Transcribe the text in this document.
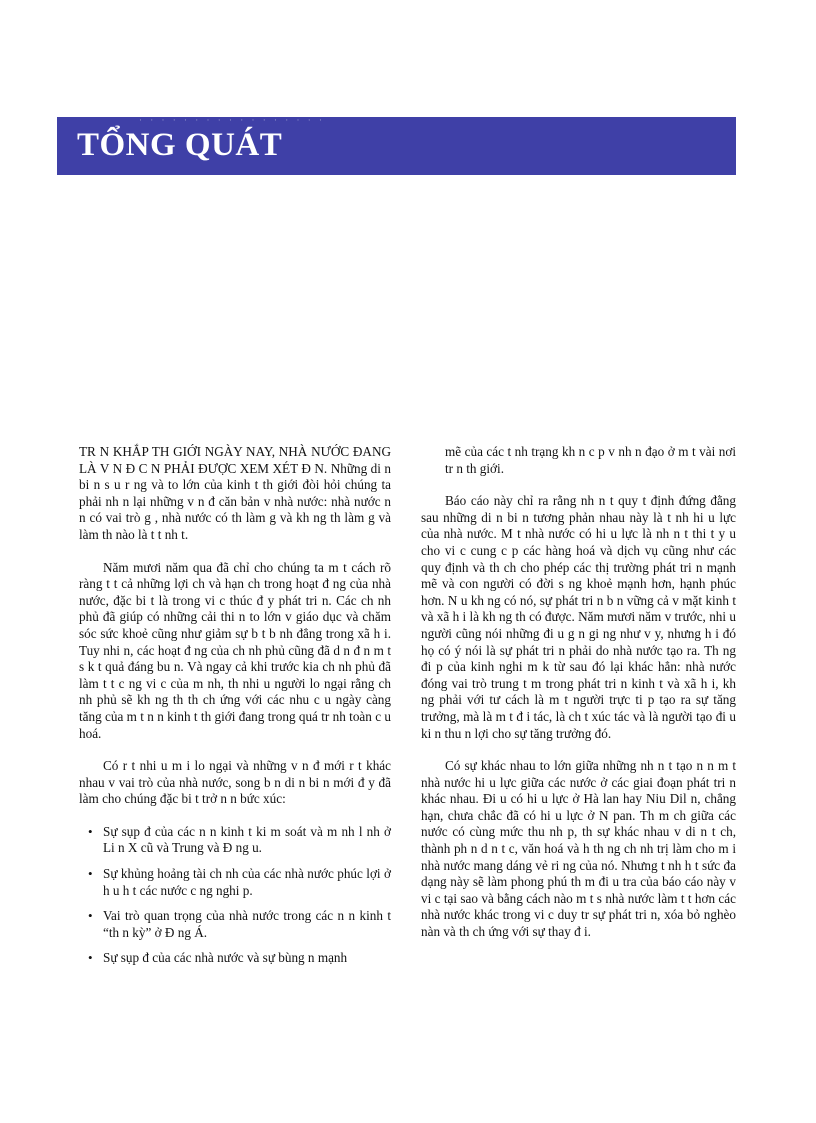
· · · · · · · · · · · · · · · · ·
TỔNG QUÁT

TR N KHẮP TH GIỚI NGÀY NAY, NHÀ NƯỚC ĐANG LÀ V N Đ C N PHẢI ĐƯỢC XEM XÉT Đ N. Những di n bi n s u r ng và to lớn của kinh t th giới đòi hỏi chúng ta phải nh n lại những v n đ căn bản v nhà nước: nhà nước n n có vai trò g , nhà nước có th làm g và kh ng th làm g và làm th nào là t t nh t.

Năm mươi năm qua đã chỉ cho chúng ta m t cách rõ ràng t t cả những lợi ch và hạn ch trong hoạt đ ng của nhà nước, đặc bi t là trong vi c thúc đ y phát tri n. Các ch nh phủ đã giúp có những cải thi n to lớn v giáo dục và chăm sóc sức khoẻ cũng như giảm sự b t b nh đẳng trong xã h i. Tuy nhi n, các hoạt đ ng của ch nh phủ cũng đã d n đ n m t s k t quả đáng bu n. Và ngay cả khi trước kia ch nh phủ đã làm t t c ng vi c của m nh, th nhi u người lo ngại rằng ch nh phủ sẽ kh ng th th ch ứng với các nhu c u ngày càng tăng của m t n n kinh t th giới đang trong quá tr nh toàn c u hoá.

Có r t nhi u m i lo ngại và những v n đ mới r t khác nhau v vai trò của nhà nước, song b n di n bi n mới đ y đã làm cho chúng đặc bi t trở n n bức xúc:

• Sự sụp đ của các n n kinh t ki m soát và m nh l nh ở Li n X cũ và Trung và Đ ng u.
• Sự khủng hoảng tài ch nh của các nhà nước phúc lợi ở h u h t các nước c ng nghi p.
• Vai trò quan trọng của nhà nước trong các n n kinh t “th n kỳ” ở Đ ng Á.
• Sự sụp đ của các nhà nước và sự bùng n mạnh

mẽ của các t nh trạng kh n c p v nh n đạo ở m t vài nơi tr n th giới.

Báo cáo này chỉ ra rằng nh n t quy t định đứng đằng sau những di n bi n tương phản nhau này là t nh hi u lực của nhà nước. M t nhà nước có hi u lực là nh n t thi t y u cho vi c cung c p các hàng hoá và dịch vụ cũng như các quy định và th ch cho phép các thị trường phát tri n mạnh mẽ và con người có đời s ng khoẻ mạnh hơn, hạnh phúc hơn. N u kh ng có nó, sự phát tri n b n vững cả v mặt kinh t và xã h i là kh ng th có được. Năm mươi năm v trước, nhi u người cũng nói những đi u g n gi ng như v y, nhưng h i đó họ có ý nói là sự phát tri n phải do nhà nước tạo ra. Th ng đi p của kinh nghi m k từ sau đó lại khác hẳn: nhà nước đóng vai trò trung t m trong phát tri n kinh t và xã h i, kh ng phải với tư cách là m t người trực ti p tạo ra sự tăng trưởng, mà là m t đ i tác, là ch t xúc tác và là người tạo đi u ki n thu n lợi cho sự tăng trưởng đó.

Có sự khác nhau to lớn giữa những nh n t tạo n n m t nhà nước hi u lực giữa các nước ở các giai đoạn phát tri n khác nhau. Đi u có hi u lực ở Hà lan hay Niu Dil n, chẳng hạn, chưa chắc đã có hi u lực ở N pan. Th m ch giữa các nước có cùng mức thu nh p, th sự khác nhau v di n t ch, thành ph n d n t c, văn hoá và h th ng ch nh trị làm cho m i nhà nước mang dáng vẻ ri ng của nó. Nhưng t nh h t sức đa dạng này sẽ làm phong phú th m đi u tra của báo cáo này v vi c tại sao và bằng cách nào m t s nhà nước làm t t hơn các nhà nước khác trong vi c duy tr sự phát tri n, xóa bỏ nghèo nàn và th ch ứng với sự thay đ i.
